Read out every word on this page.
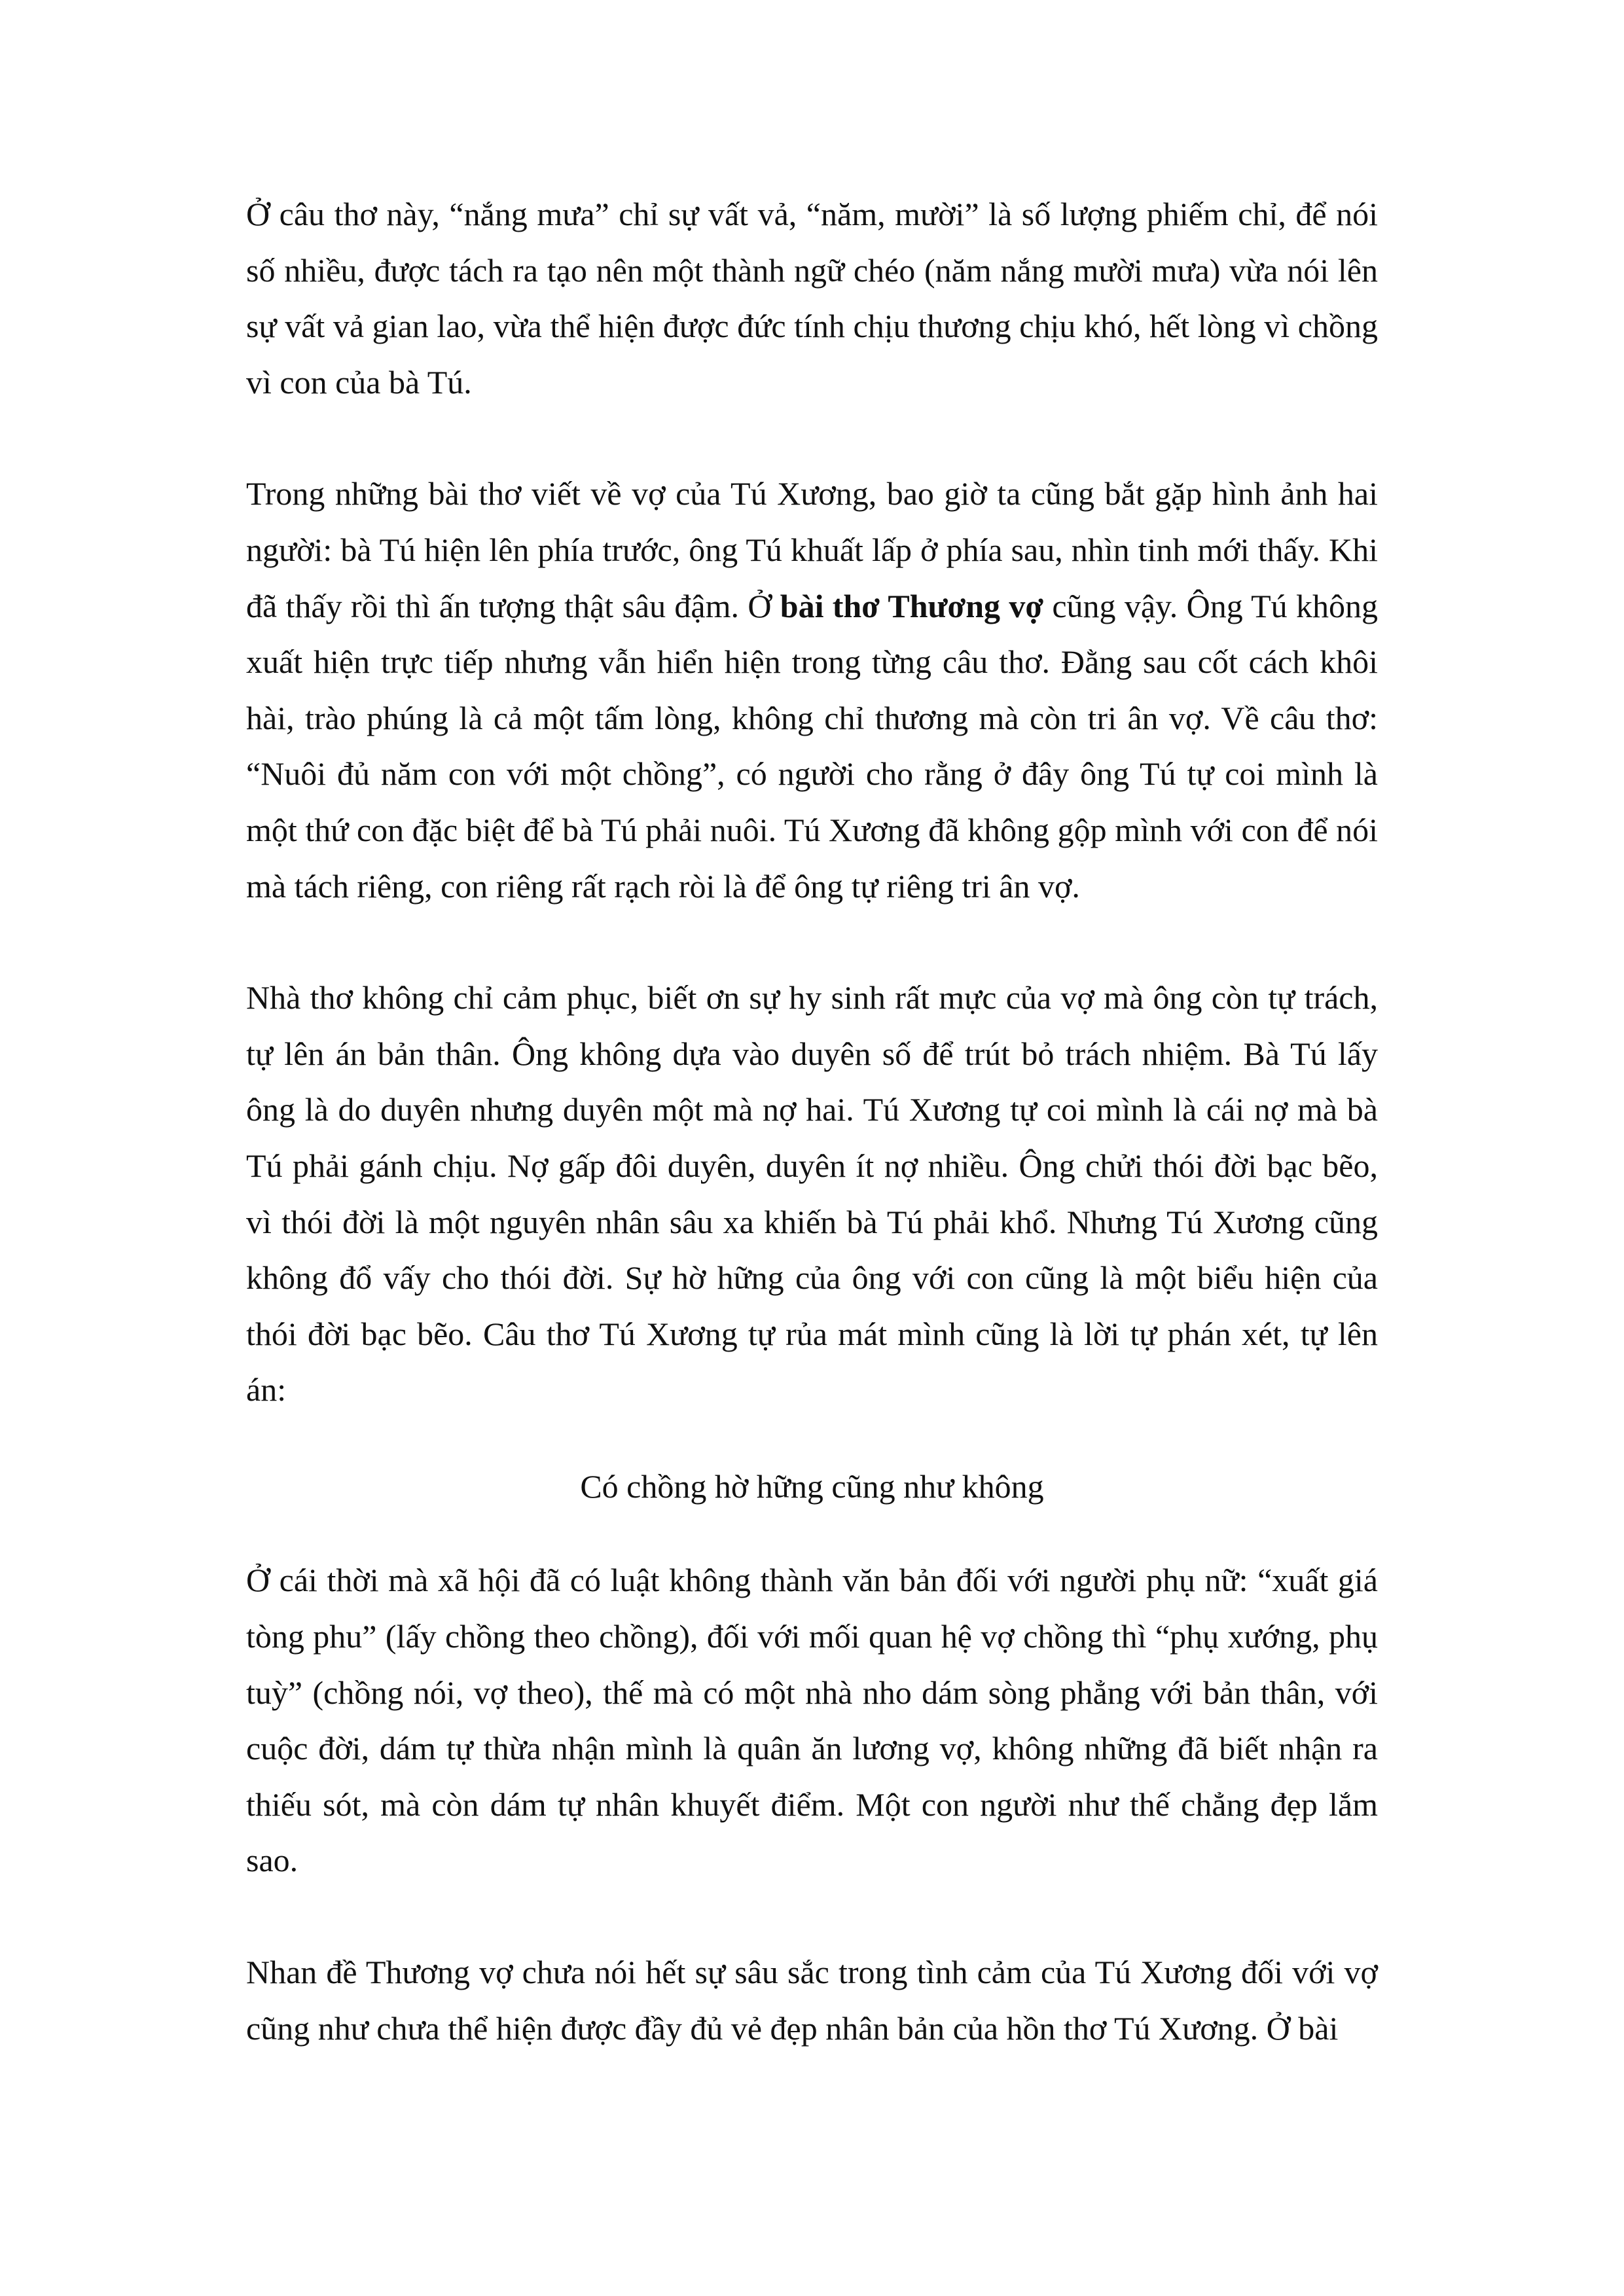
Ở câu thơ này, “nắng mưa” chỉ sự vất vả, “năm, mười” là số lượng phiếm chỉ, để nói số nhiều, được tách ra tạo nên một thành ngữ chéo (năm nắng mười mưa) vừa nói lên sự vất vả gian lao, vừa thể hiện được đức tính chịu thương chịu khó, hết lòng vì chồng vì con của bà Tú.

Trong những bài thơ viết về vợ của Tú Xương, bao giờ ta cũng bắt gặp hình ảnh hai người: bà Tú hiện lên phía trước, ông Tú khuất lấp ở phía sau, nhìn tinh mới thấy. Khi đã thấy rồi thì ấn tượng thật sâu đậm. Ở bài thơ Thương vợ cũng vậy. Ông Tú không xuất hiện trực tiếp nhưng vẫn hiển hiện trong từng câu thơ. Đằng sau cốt cách khôi hài, trào phúng là cả một tấm lòng, không chỉ thương mà còn tri ân vợ. Về câu thơ: “Nuôi đủ năm con với một chồng”, có người cho rằng ở đây ông Tú tự coi mình là một thứ con đặc biệt để bà Tú phải nuôi. Tú Xương đã không gộp mình với con để nói mà tách riêng, con riêng rất rạch ròi là để ông tự riêng tri ân vợ.

Nhà thơ không chỉ cảm phục, biết ơn sự hy sinh rất mực của vợ mà ông còn tự trách, tự lên án bản thân. Ông không dựa vào duyên số để trút bỏ trách nhiệm. Bà Tú lấy ông là do duyên nhưng duyên một mà nợ hai. Tú Xương tự coi mình là cái nợ mà bà Tú phải gánh chịu. Nợ gấp đôi duyên, duyên ít nợ nhiều. Ông chửi thói đời bạc bẽo, vì thói đời là một nguyên nhân sâu xa khiến bà Tú phải khổ. Nhưng Tú Xương cũng không đổ vấy cho thói đời. Sự hờ hững của ông với con cũng là một biểu hiện của thói đời bạc bẽo. Câu thơ Tú Xương tự rủa mát mình cũng là lời tự phán xét, tự lên án:

Có chồng hờ hững cũng như không

Ở cái thời mà xã hội đã có luật không thành văn bản đối với người phụ nữ: “xuất giá tòng phu” (lấy chồng theo chồng), đối với mối quan hệ vợ chồng thì “phụ xướng, phụ tuỳ” (chồng nói, vợ theo), thế mà có một nhà nho dám sòng phẳng với bản thân, với cuộc đời, dám tự thừa nhận mình là quân ăn lương vợ, không những đã biết nhận ra thiếu sót, mà còn dám tự nhân khuyết điểm. Một con người như thế chẳng đẹp lắm sao.

Nhan đề Thương vợ chưa nói hết sự sâu sắc trong tình cảm của Tú Xương đối với vợ cũng như chưa thể hiện được đầy đủ vẻ đẹp nhân bản của hồn thơ Tú Xương. Ở bài
